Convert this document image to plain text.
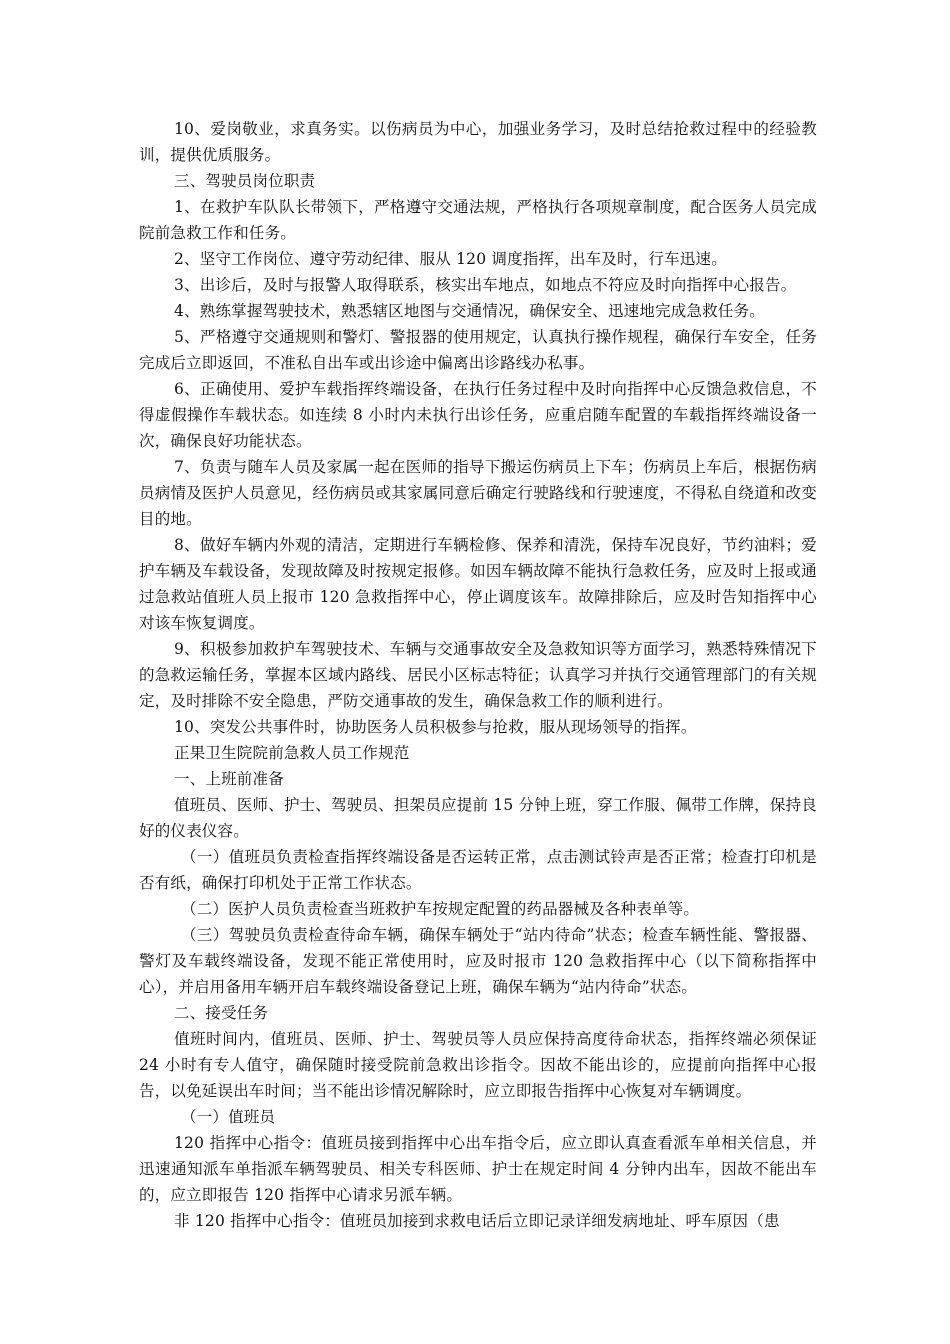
10、爱岗敬业，求真务实。以伤病员为中心，加强业务学习，及时总结抢救过程中的经验教训，提供优质服务。

三、驾驶员岗位职责

1、在救护车队队长带领下，严格遵守交通法规，严格执行各项规章制度，配合医务人员完成院前急救工作和任务。

2、坚守工作岗位、遵守劳动纪律、服从 120 调度指挥，出车及时，行车迅速。

3、出诊后，及时与报警人取得联系，核实出车地点，如地点不符应及时向指挥中心报告。

4、熟练掌握驾驶技术，熟悉辖区地图与交通情况，确保安全、迅速地完成急救任务。

5、严格遵守交通规则和警灯、警报器的使用规定，认真执行操作规程，确保行车安全，任务完成后立即返回，不准私自出车或出诊途中偏离出诊路线办私事。

6、正确使用、爱护车载指挥终端设备，在执行任务过程中及时向指挥中心反馈急救信息，不得虚假操作车载状态。如连续 8 小时内未执行出诊任务，应重启随车配置的车载指挥终端设备一次，确保良好功能状态。

7、负责与随车人员及家属一起在医师的指导下搬运伤病员上下车；伤病员上车后，根据伤病员病情及医护人员意见，经伤病员或其家属同意后确定行驶路线和行驶速度，不得私自绕道和改变目的地。

8、做好车辆内外观的清洁，定期进行车辆检修、保养和清洗，保持车况良好，节约油料；爱护车辆及车载设备，发现故障及时按规定报修。如因车辆故障不能执行急救任务，应及时上报或通过急救站值班人员上报市 120 急救指挥中心，停止调度该车。故障排除后，应及时告知指挥中心对该车恢复调度。

9、积极参加救护车驾驶技术、车辆与交通事故安全及急救知识等方面学习，熟悉特殊情况下的急救运输任务，掌握本区域内路线、居民小区标志特征；认真学习并执行交通管理部门的有关规定，及时排除不安全隐患，严防交通事故的发生，确保急救工作的顺利进行。

10、突发公共事件时，协助医务人员积极参与抢救，服从现场领导的指挥。

正果卫生院院前急救人员工作规范

一、上班前准备

值班员、医师、护士、驾驶员、担架员应提前 15 分钟上班，穿工作服、佩带工作牌，保持良好的仪表仪容。

（一）值班员负责检查指挥终端设备是否运转正常，点击测试铃声是否正常；检查打印机是否有纸，确保打印机处于正常工作状态。

（二）医护人员负责检查当班救护车按规定配置的药品器械及各种表单等。

（三）驾驶员负责检查待命车辆，确保车辆处于“站内待命”状态；检查车辆性能、警报器、警灯及车载终端设备，发现不能正常使用时，应及时报市 120 急救指挥中心（以下简称指挥中心），并启用备用车辆开启车载终端设备登记上班，确保车辆为“站内待命”状态。

二、接受任务

值班时间内，值班员、医师、护士、驾驶员等人员应保持高度待命状态，指挥终端必须保证 24 小时有专人值守，确保随时接受院前急救出诊指令。因故不能出诊的，应提前向指挥中心报告，以免延误出车时间；当不能出诊情况解除时，应立即报告指挥中心恢复对车辆调度。

（一）值班员

120 指挥中心指令：值班员接到指挥中心出车指令后，应立即认真查看派车单相关信息，并迅速通知派车单指派车辆驾驶员、相关专科医师、护士在规定时间 4 分钟内出车，因故不能出车的，应立即报告 120 指挥中心请求另派车辆。

非 120 指挥中心指令：值班员加接到求救电话后立即记录详细发病地址、呼车原因（患
